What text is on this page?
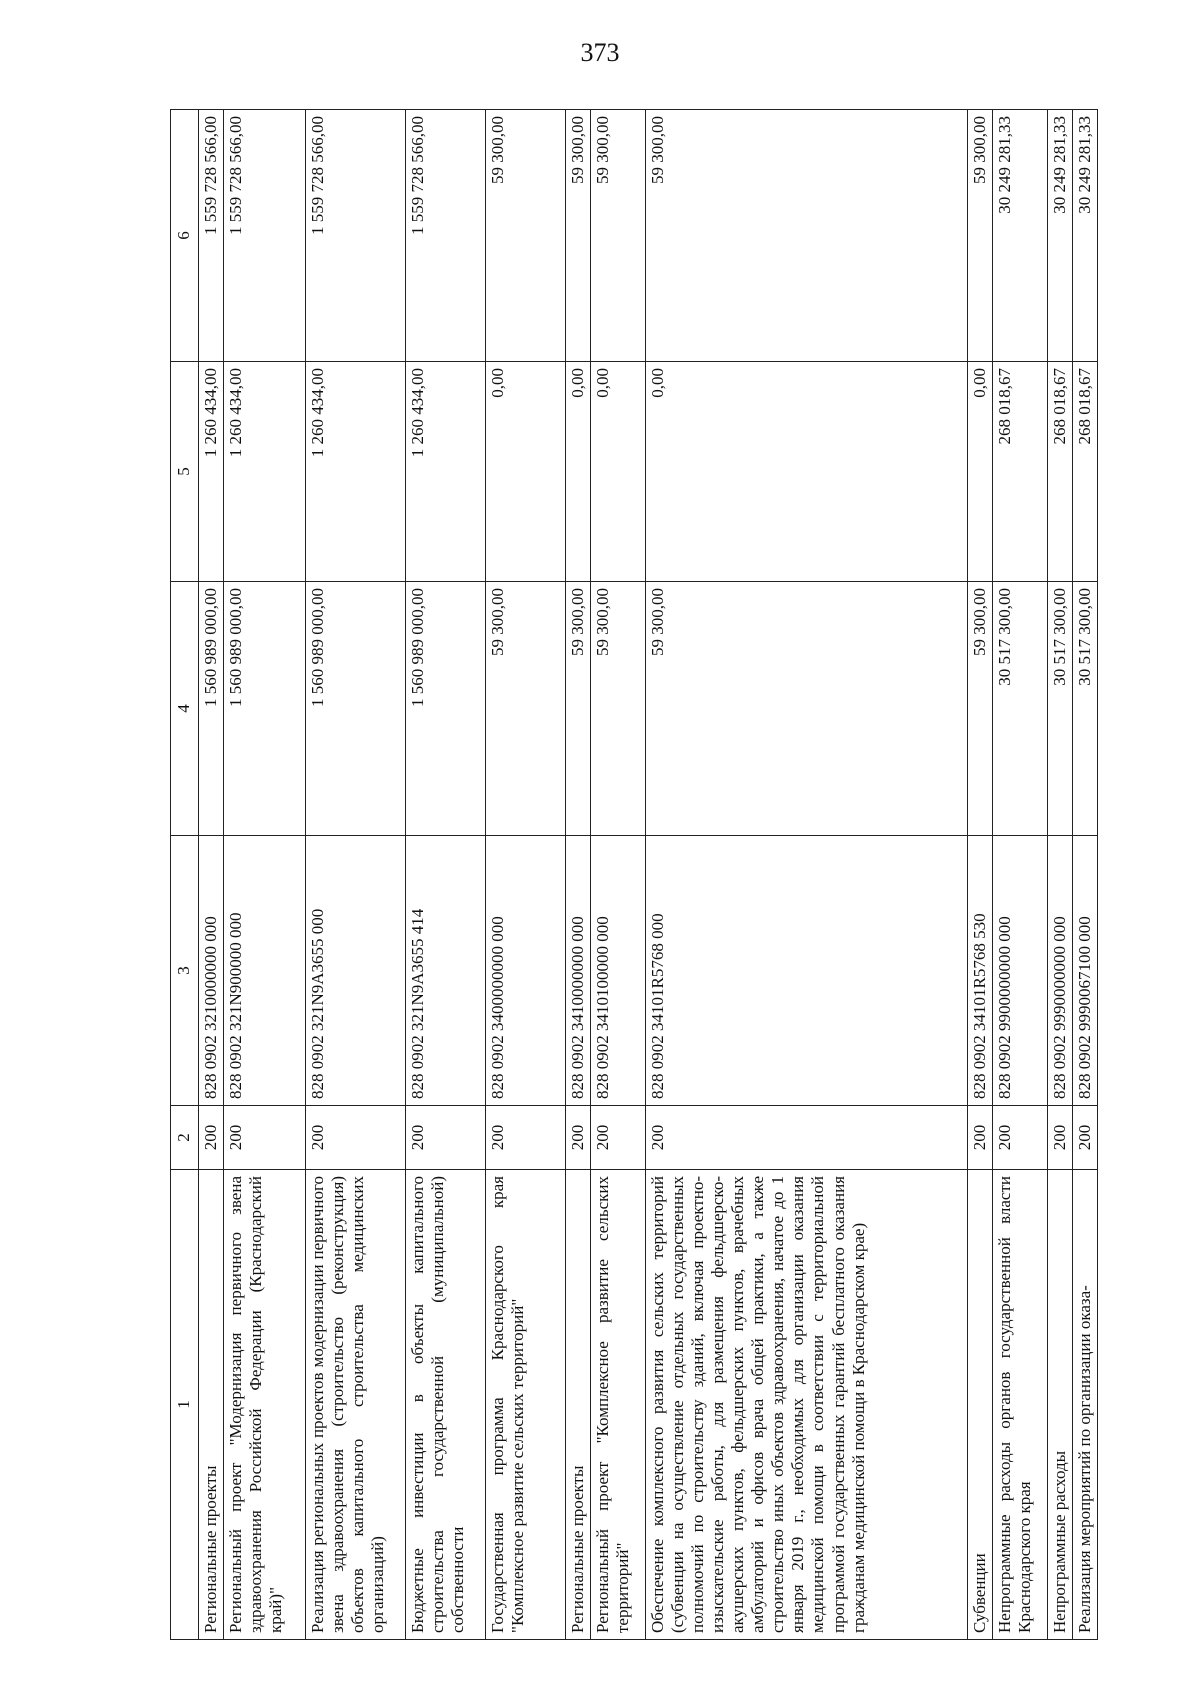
373
1	2	3	4	5	6
Региональные проекты	200	828 0902 3210000000 000	1 560 989 000,00	1 260 434,00	1 559 728 566,00
Региональный проект "Модернизация первичного звена здравоохранения Российской Федерации (Краснодарский край)"	200	828 0902 321N900000 000	1 560 989 000,00	1 260 434,00	1 559 728 566,00
Реализация региональных проектов модернизации первичного звена здравоохранения (строительство (реконструкция) объектов капитального строительства медицинских организаций)	200	828 0902 321N9A3655 000	1 560 989 000,00	1 260 434,00	1 559 728 566,00
Бюджетные инвестиции в объекты капитального строительства государственной (муниципальной) собственности	200	828 0902 321N9A3655 414	1 560 989 000,00	1 260 434,00	1 559 728 566,00
Государственная программа Краснодарского края "Комплексное развитие сельских территорий"	200	828 0902 3400000000 000	59 300,00	0,00	59 300,00
Региональные проекты	200	828 0902 3410000000 000	59 300,00	0,00	59 300,00
Региональный проект "Комплексное развитие сельских территорий"	200	828 0902 3410100000 000	59 300,00	0,00	59 300,00
Обеспечение комплексного развития сельских территорий (субвенции на осуществление отдельных государственных полномочий по строительству зданий, включая проектно-изыскательские работы, для размещения фельдшерско-акушерских пунктов, фельдшерских пунктов, врачебных амбулаторий и офисов врача общей практики, а также строительство иных объектов здравоохранения, начатое до 1 января 2019 г., необходимых для организации оказания медицинской помощи в соответствии с территориальной программой государственных гарантий бесплатного оказания гражданам медицинской помощи в Краснодарском крае)	200	828 0902 34101R5768 000	59 300,00	0,00	59 300,00
Субвенции	200	828 0902 34101R5768 530	59 300,00	0,00	59 300,00
Непрограммные расходы органов государственной власти Краснодарского края	200	828 0902 9900000000 000	30 517 300,00	268 018,67	30 249 281,33
Непрограммные расходы	200	828 0902 9990000000 000	30 517 300,00	268 018,67	30 249 281,33
Реализация мероприятий по организации оказа-	200	828 0902 9990067100 000	30 517 300,00	268 018,67	30 249 281,33
